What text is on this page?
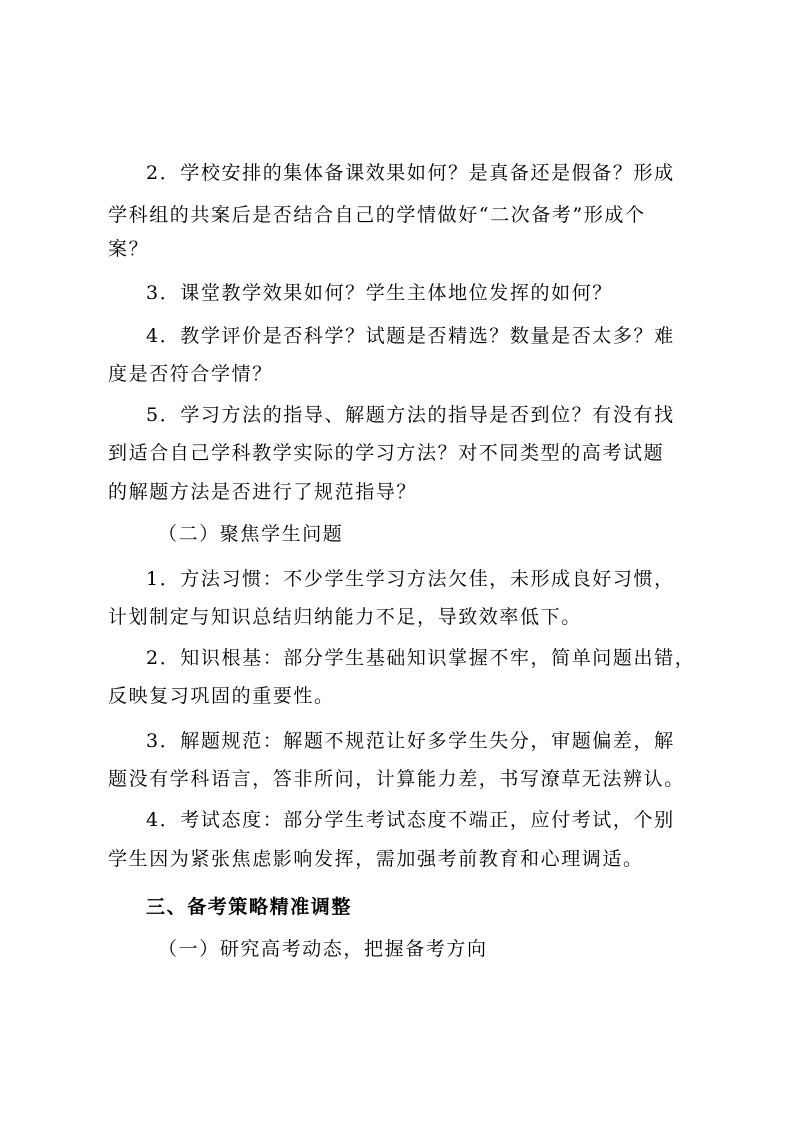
2．学校安排的集体备课效果如何？是真备还是假备？形成
学科组的共案后是否结合自己的学情做好“二次备考”形成个
案？
3．课堂教学效果如何？学生主体地位发挥的如何？
4．教学评价是否科学？试题是否精选？数量是否太多？难
度是否符合学情？
5．学习方法的指导、解题方法的指导是否到位？有没有找
到适合自己学科教学实际的学习方法？对不同类型的高考试题
的解题方法是否进行了规范指导？
（二）聚焦学生问题
1．方法习惯：不少学生学习方法欠佳，未形成良好习惯，
计划制定与知识总结归纳能力不足，导致效率低下。
2．知识根基：部分学生基础知识掌握不牢，简单问题出错，
反映复习巩固的重要性。
3．解题规范：解题不规范让好多学生失分，审题偏差，解
题没有学科语言，答非所问，计算能力差，书写潦草无法辨认。
4．考试态度：部分学生考试态度不端正，应付考试，个别
学生因为紧张焦虑影响发挥，需加强考前教育和心理调适。
三、备考策略精准调整
（一）研究高考动态，把握备考方向
